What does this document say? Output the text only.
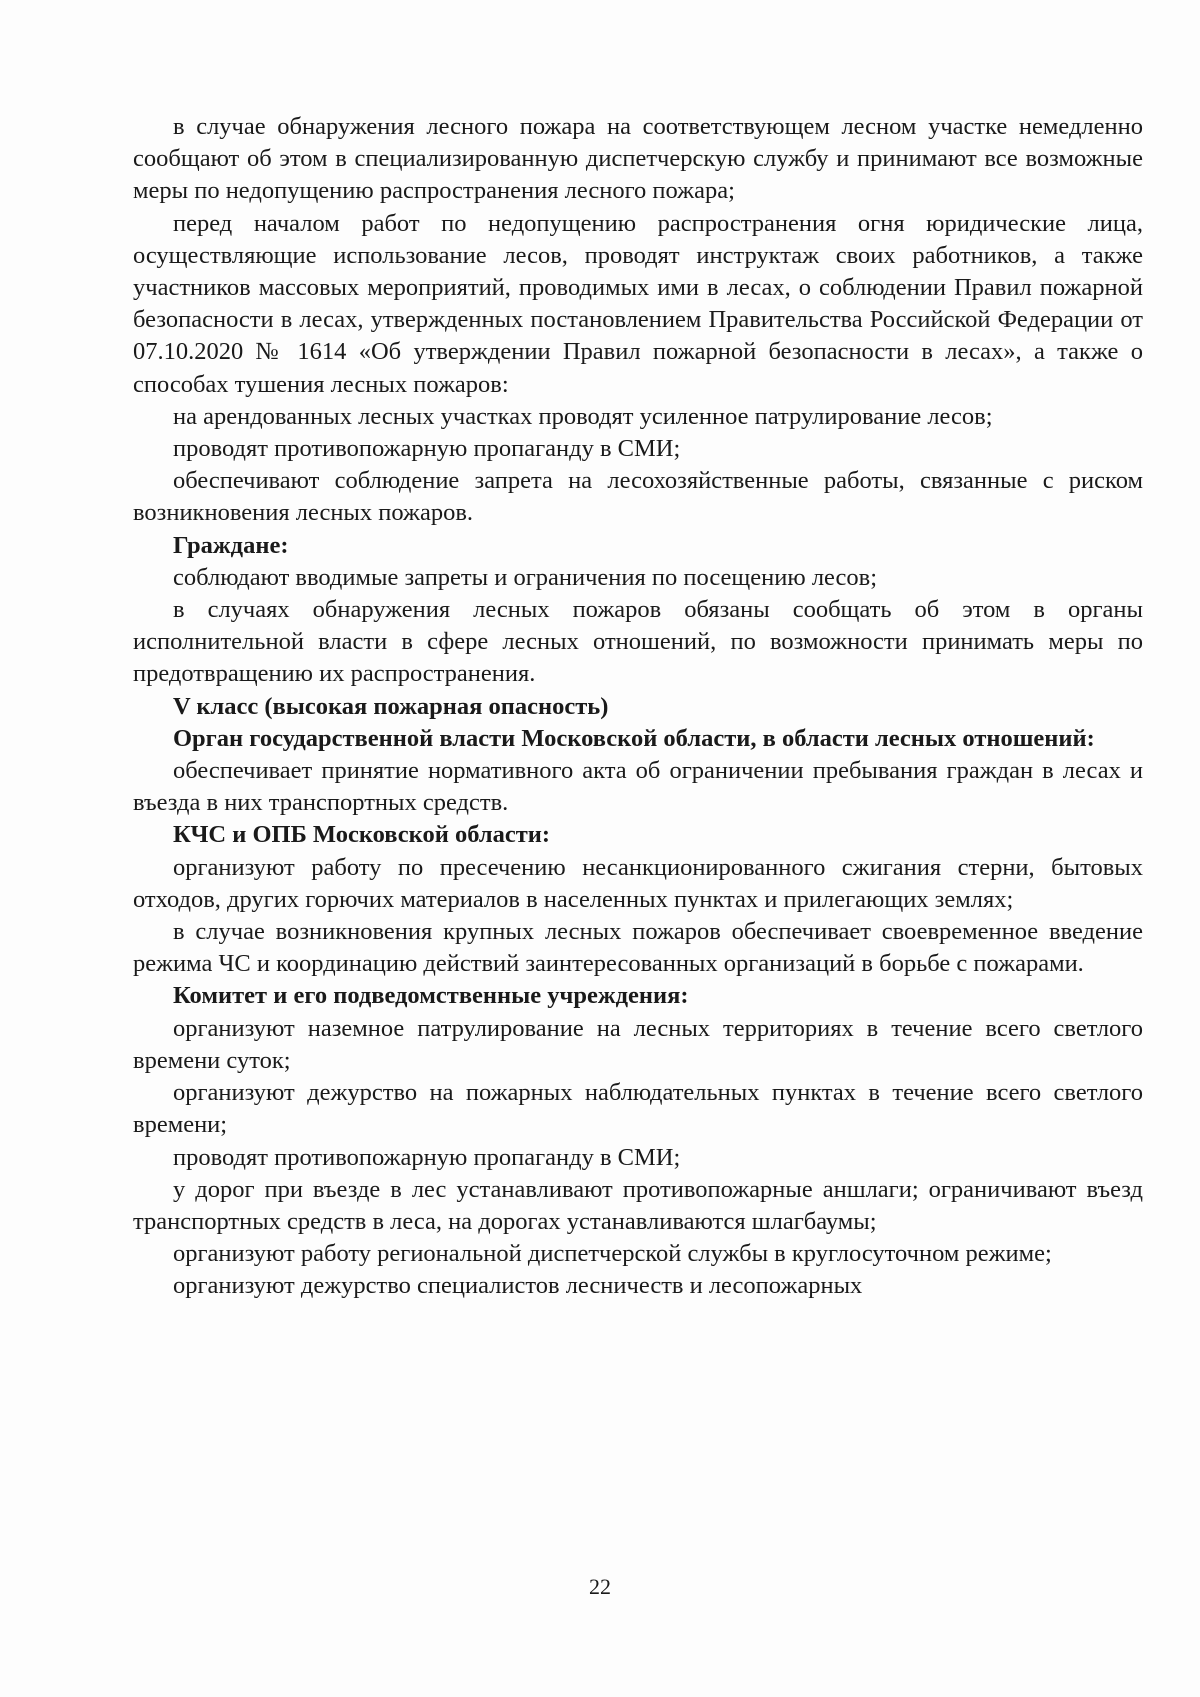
в случае обнаружения лесного пожара на соответствующем лесном участке немедленно сообщают об этом в специализированную диспетчерскую службу и принимают все возможные меры по недопущению распространения лесного пожара;

перед началом работ по недопущению распространения огня юридические лица, осуществляющие использование лесов, проводят инструктаж своих работников, а также участников массовых мероприятий, проводимых ими в лесах, о соблюдении Правил пожарной безопасности в лесах, утвержденных постановлением Правительства Российской Федерации от 07.10.2020 № 1614 «Об утверждении Правил пожарной безопасности в лесах», а также о способах тушения лесных пожаров:

на арендованных лесных участках проводят усиленное патрулирование лесов;

проводят противопожарную пропаганду в СМИ;

обеспечивают соблюдение запрета на лесохозяйственные работы, связанные с риском возникновения лесных пожаров.

Граждане:

соблюдают вводимые запреты и ограничения по посещению лесов;

в случаях обнаружения лесных пожаров обязаны сообщать об этом в органы исполнительной власти в сфере лесных отношений, по возможности принимать меры по предотвращению их распространения.

V класс (высокая пожарная опасность)

Орган государственной власти Московской области, в области лесных отношений:

обеспечивает принятие нормативного акта об ограничении пребывания граждан в лесах и въезда в них транспортных средств.

КЧС и ОПБ Московской области:

организуют работу по пресечению несанкционированного сжигания стерни, бытовых отходов, других горючих материалов в населенных пунктах и прилегающих землях;

в случае возникновения крупных лесных пожаров обеспечивает своевременное введение режима ЧС и координацию действий заинтересованных организаций в борьбе с пожарами.

Комитет и его подведомственные учреждения:

организуют наземное патрулирование на лесных территориях в течение всего светлого времени суток;

организуют дежурство на пожарных наблюдательных пунктах в течение всего светлого времени;

проводят противопожарную пропаганду в СМИ;

у дорог при въезде в лес устанавливают противопожарные аншлаги; ограничивают въезд транспортных средств в леса, на дорогах устанавливаются шлагбаумы;

организуют работу региональной диспетчерской службы в круглосуточном режиме;

организуют дежурство специалистов лесничеств и лесопожарных

22
